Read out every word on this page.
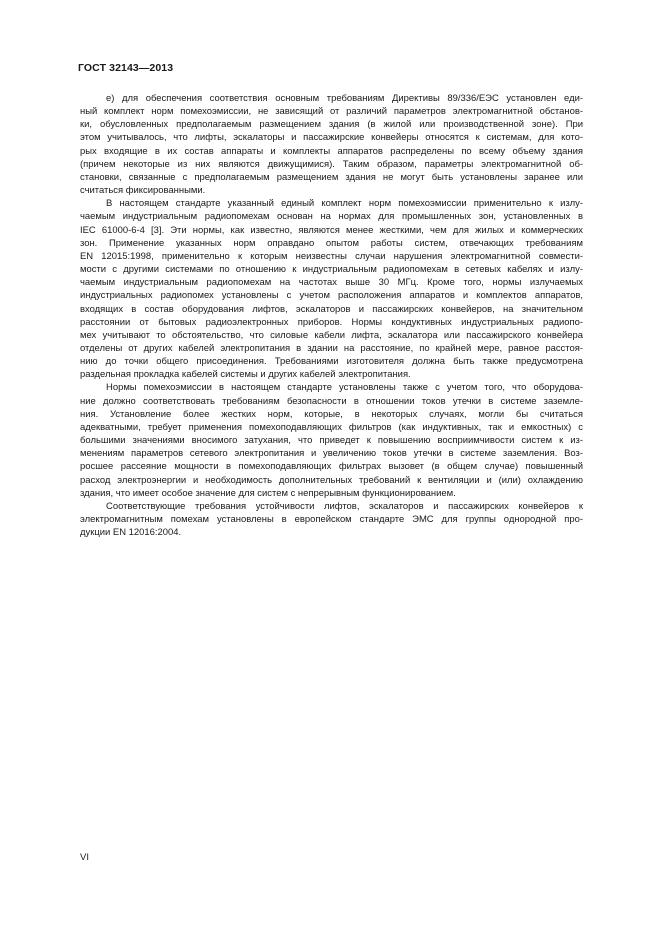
ГОСТ 32143—2013
е) для обеспечения соответствия основным требованиям Директивы 89/336/ЕЭС установлен еди-
ный комплект норм помехоэмиссии, не зависящий от различий параметров электромагнитной обстанов-
ки, обусловленных предполагаемым размещением здания (в жилой или производственной зоне). При
этом учитывалось, что лифты, эскалаторы и пассажирские конвейеры относятся к системам, для кото-
рых входящие в их состав аппараты и комплекты аппаратов распределены по всему объему здания
(причем некоторые из них являются движущимися). Таким образом, параметры электромагнитной об-
становки, связанные с предполагаемым размещением здания не могут быть установлены заранее или
считаться фиксированными.
В настоящем стандарте указанный единый комплект норм помехоэмиссии применительно к излу-
чаемым индустриальным радиопомехам основан на нормах для промышленных зон, установленных в
IEC 61000-6-4 [3]. Эти нормы, как известно, являются менее жесткими, чем для жилых и коммерческих
зон. Применение указанных норм оправдано опытом работы систем, отвечающих требованиям
EN 12015:1998, применительно к которым неизвестны случаи нарушения электромагнитной совмести-
мости с другими системами по отношению к индустриальным радиопомехам в сетевых кабелях и излу-
чаемым индустриальным радиопомехам на частотах выше 30 МГц. Кроме того, нормы излучаемых
индустриальных радиопомех установлены с учетом расположения аппаратов и комплектов аппаратов,
входящих в состав оборудования лифтов, эскалаторов и пассажирских конвейеров, на значительном
расстоянии от бытовых радиоэлектронных приборов. Нормы кондуктивных индустриальных радиопо-
мех учитывают то обстоятельство, что силовые кабели лифта, эскалатора или пассажирского конвейера
отделены от других кабелей электропитания в здании на расстояние, по крайней мере, равное расстоя-
нию до точки общего присоединения. Требованиями изготовителя должна быть также предусмотрена
раздельная прокладка кабелей системы и других кабелей электропитания.
Нормы помехоэмиссии в настоящем стандарте установлены также с учетом того, что оборудова-
ние должно соответствовать требованиям безопасности в отношении токов утечки в системе заземле-
ния. Установление более жестких норм, которые, в некоторых случаях, могли бы считаться
адекватными, требует применения помехоподавляющих фильтров (как индуктивных, так и емкостных) с
большими значениями вносимого затухания, что приведет к повышению восприимчивости систем к из-
менениям параметров сетевого электропитания и увеличению токов утечки в системе заземления. Воз-
росшее рассеяние мощности в помехоподавляющих фильтрах вызовет (в общем случае) повышенный
расход электроэнергии и необходимость дополнительных требований к вентиляции и (или) охлаждению
здания, что имеет особое значение для систем с непрерывным функционированием.
Соответствующие требования устойчивости лифтов, эскалаторов и пассажирских конвейеров к
электромагнитным помехам установлены в европейском стандарте ЭМС для группы однородной про-
дукции EN 12016:2004.
VI
